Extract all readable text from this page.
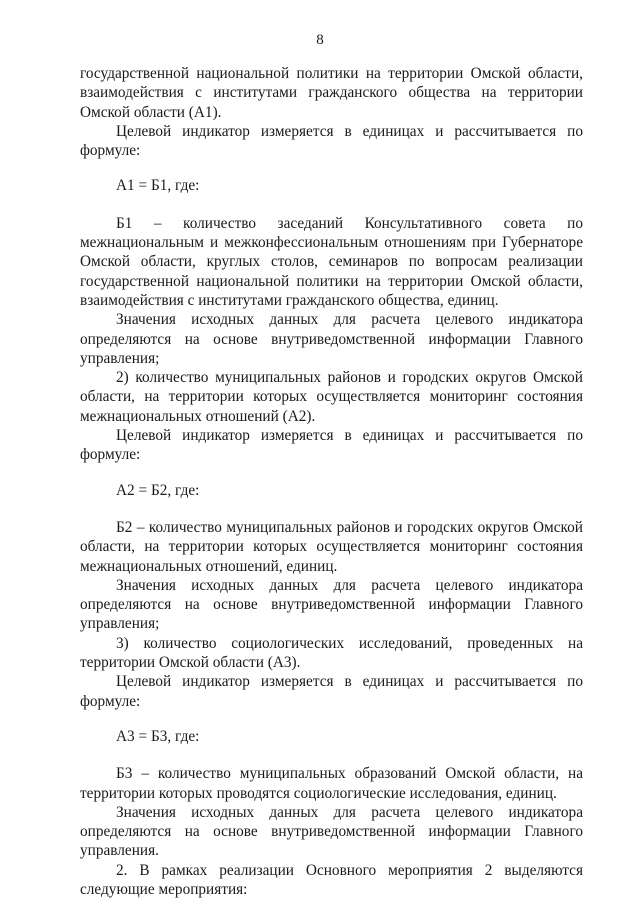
8

государственной национальной политики на территории Омской области, взаимодействия с институтами гражданского общества на территории Омской области (А1).

Целевой индикатор измеряется в единицах и рассчитывается по формуле:

А1 = Б1, где:

Б1 – количество заседаний Консультативного совета по межнациональным и межконфессиональным отношениям при Губернаторе Омской области, круглых столов, семинаров по вопросам реализации государственной национальной политики на территории Омской области, взаимодействия с институтами гражданского общества, единиц.

Значения исходных данных для расчета целевого индикатора определяются на основе внутриведомственной информации Главного управления;

2) количество муниципальных районов и городских округов Омской области, на территории которых осуществляется мониторинг состояния межнациональных отношений (А2).

Целевой индикатор измеряется в единицах и рассчитывается по формуле:

А2 = Б2, где:

Б2 – количество муниципальных районов и городских округов Омской области, на территории которых осуществляется мониторинг состояния межнациональных отношений, единиц.

Значения исходных данных для расчета целевого индикатора определяются на основе внутриведомственной информации Главного управления;

3) количество социологических исследований, проведенных на территории Омской области (А3).

Целевой индикатор измеряется в единицах и рассчитывается по формуле:

А3 = Б3, где:

Б3 – количество муниципальных образований Омской области, на территории которых проводятся социологические исследования, единиц.

Значения исходных данных для расчета целевого индикатора определяются на основе внутриведомственной информации Главного управления.

2. В рамках реализации Основного мероприятия 2 выделяются следующие мероприятия:
